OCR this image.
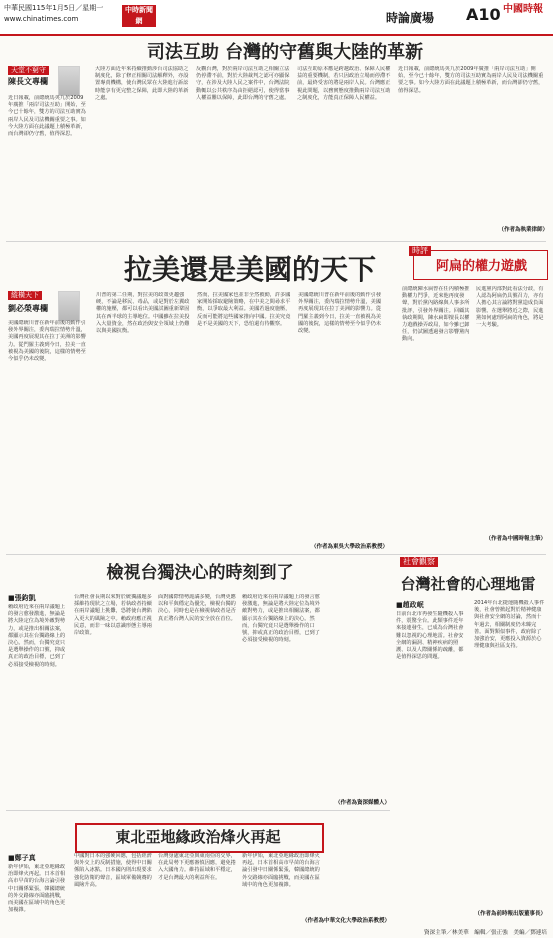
中華民國115年1月5日／星期一
www.chinatimes.com
中時新聞網	時論廣場 A10 中國時報
司法互助 台灣的守舊與大陸的革新
天堂不窮守
陳長文專欄
近日報載，前總統馬英九於2009年廣推「兩岸司法互助」開始，至今已十餘年，雙方的司法互助實為兩岸人民及司法機關重要之事。如今大陸方面在此議題上積極革新，而台灣卻仍守舊，值得深思。
大陸方面近年來持續推動涉台司法協助之制度化，除了修正相關司法解釋外，亦設置專責機構，使台灣民眾在大陸進行訴訟時能享有更完整之保障，此即大陸的革新之處。
反觀台灣，對於兩岸司法互助之相關立法仍停滯不前，對於大陸裁判之認可亦顯保守，在涉及大陸人民之案件中，台灣法院動輒以公共秩序為由拒絕認可，使得當事人權益難以保障，此即台灣的守舊之處。
司法互助原本應是跨越政治、保障人民權益的重要機制，若只因政治立場而停滯不前，最終受害的將是兩岸人民。台灣應正視此問題，以務實態度推動兩岸司法互助之制度化，方能真正保障人民權益。
近日報載，前總統馬英九於2009年廣推「兩岸司法互助」開始，至今已十餘年，雙方的司法互助實為兩岸人民及司法機關重要之事。如今大陸方面在此議題上積極革新，而台灣卻仍守舊，值得深思。
（作者為執業律師）
拉美還是美國的天下
縱橫天下
劉必榮專欄
美國總統川普在新年前後的動作引發外界關注，委內瑞拉情勢升溫，美國再度展現其在拉丁美洲的影響力。從門羅主義到今日，拉美一直被視為美國的後院，這樣的情勢至今似乎仍未改變。
川普的第二任期，對拉美的政策更趨強硬，不論是移民、毒品，或是對於左翼政權的施壓，都可以看出美國試圖重新鞏固其在西半球的主導地位。中國雖在拉美投入大量資金，然在政治與安全領域上仍難以與美國抗衡。
然而，拉美國家也並非全然被動，許多國家開始採取避險策略，在中美之間尋求平衡，以爭取最大利益。美國若過度施壓，反而可能將這些國家推向中國。拉美究竟是不是美國的天下，恐怕還有待觀察。
美國總統川普在新年前後的動作引發外界關注，委內瑞拉情勢升溫，美國再度展現其在拉丁美洲的影響力。從門羅主義到今日，拉美一直被視為美國的後院，這樣的情勢至今似乎仍未改變。
（作者為東吳大學政治系教授）
時評
阿扁的權力遊戲
前總統陳水扁曾在任內積極推動權力鬥爭，近來他再度發聲，對於黨內路線與人事多所批評，引發外界關注。回顧其執政期間，陳水扁即擅長以權力遊戲操弄政局，如今雖已卸任，仍試圖透過發言影響黨內動向。
民進黨內部對此看法分歧，有人認為阿扁仍具號召力，亦有人擔心其言論將對黨造成負面影響。在選舉將近之際，民進黨如何處理阿扁的角色，將是一大考驗。
（作者為中國時報主筆）
檢視台獨決心的時刻到了
■張鈞凱
賴政府近來在兩岸議題上的發言愈發激進，無論是將大陸定位為境外敵對勢力，或是推出相關法案，都顯示其在台獨路線上的決心。然而，台獨究竟只是選舉操作的口號，抑或真正的政治目標，已到了必須接受檢視的時刻。
台灣社會長期以來對於統獨議題多採維持現狀之立場，若執政者持續在兩岸議題上挑釁，恐將使台灣陷入更大的風險之中。賴政府應正視民意，而非一味以意識形態主導兩岸政策。
面對國際情勢詭譎多變，台灣更應以和平與穩定為優先，檢視台獨的決心，同時也是在檢視執政者是否真正將台灣人民的安全放在首位。
賴政府近來在兩岸議題上的發言愈發激進，無論是將大陸定位為境外敵對勢力，或是推出相關法案，都顯示其在台獨路線上的決心。然而，台獨究竟只是選舉操作的口號，抑或真正的政治目標，已到了必須接受檢視的時刻。
（作者為資深媒體人）
社會觀察
台灣社會的心理地雷
■趙政岷
日前台北市再發生隨機殺人事件，震驚全台。此類事件近年來接連發生，已成為台灣社會難以忽視的心理地雷。社會安全網的漏洞、精神疾病的照護、以及人際關係的疏離，都是值得深思的問題。
2014年台北捷運隨機殺人事件後，社會曾掀起對於精神健康與社會安全網的討論，然而十年過去，相關制度仍未臻完善。面對類似事件，政府除了加強治安，更應投入資源於心理健康與社區支持。
（作者為前時報出版董事長）
東北亞地緣政治烽火再起
■鄭子真
新年伊始，東北亞地緣政治即烽火再起。日本首相高市早苗的台海言論引發中日關係緊張，韓國總統的外交路線亦面臨挑戰，而美國在區域中的角色更加複雜。
中國對日本的強硬回應，包括經濟與外交上的反制措施，使得中日關係陷入冰點。日本國內則出現要求強化防衛的聲音，區域軍備競賽的風險升高。
台灣身處東北亞與東南亞的交界，在此局勢下更應審慎因應，避免捲入大國角力。維持區域和平穩定，才是台灣最大的利益所在。
新年伊始，東北亞地緣政治即烽火再起。日本首相高市早苗的台海言論引發中日關係緊張，韓國總統的外交路線亦面臨挑戰，而美國在區域中的角色更加複雜。
（作者為中華文化大學政治系教授）
資深主筆／林美華　編輯／張正強　美編／鄧連培
